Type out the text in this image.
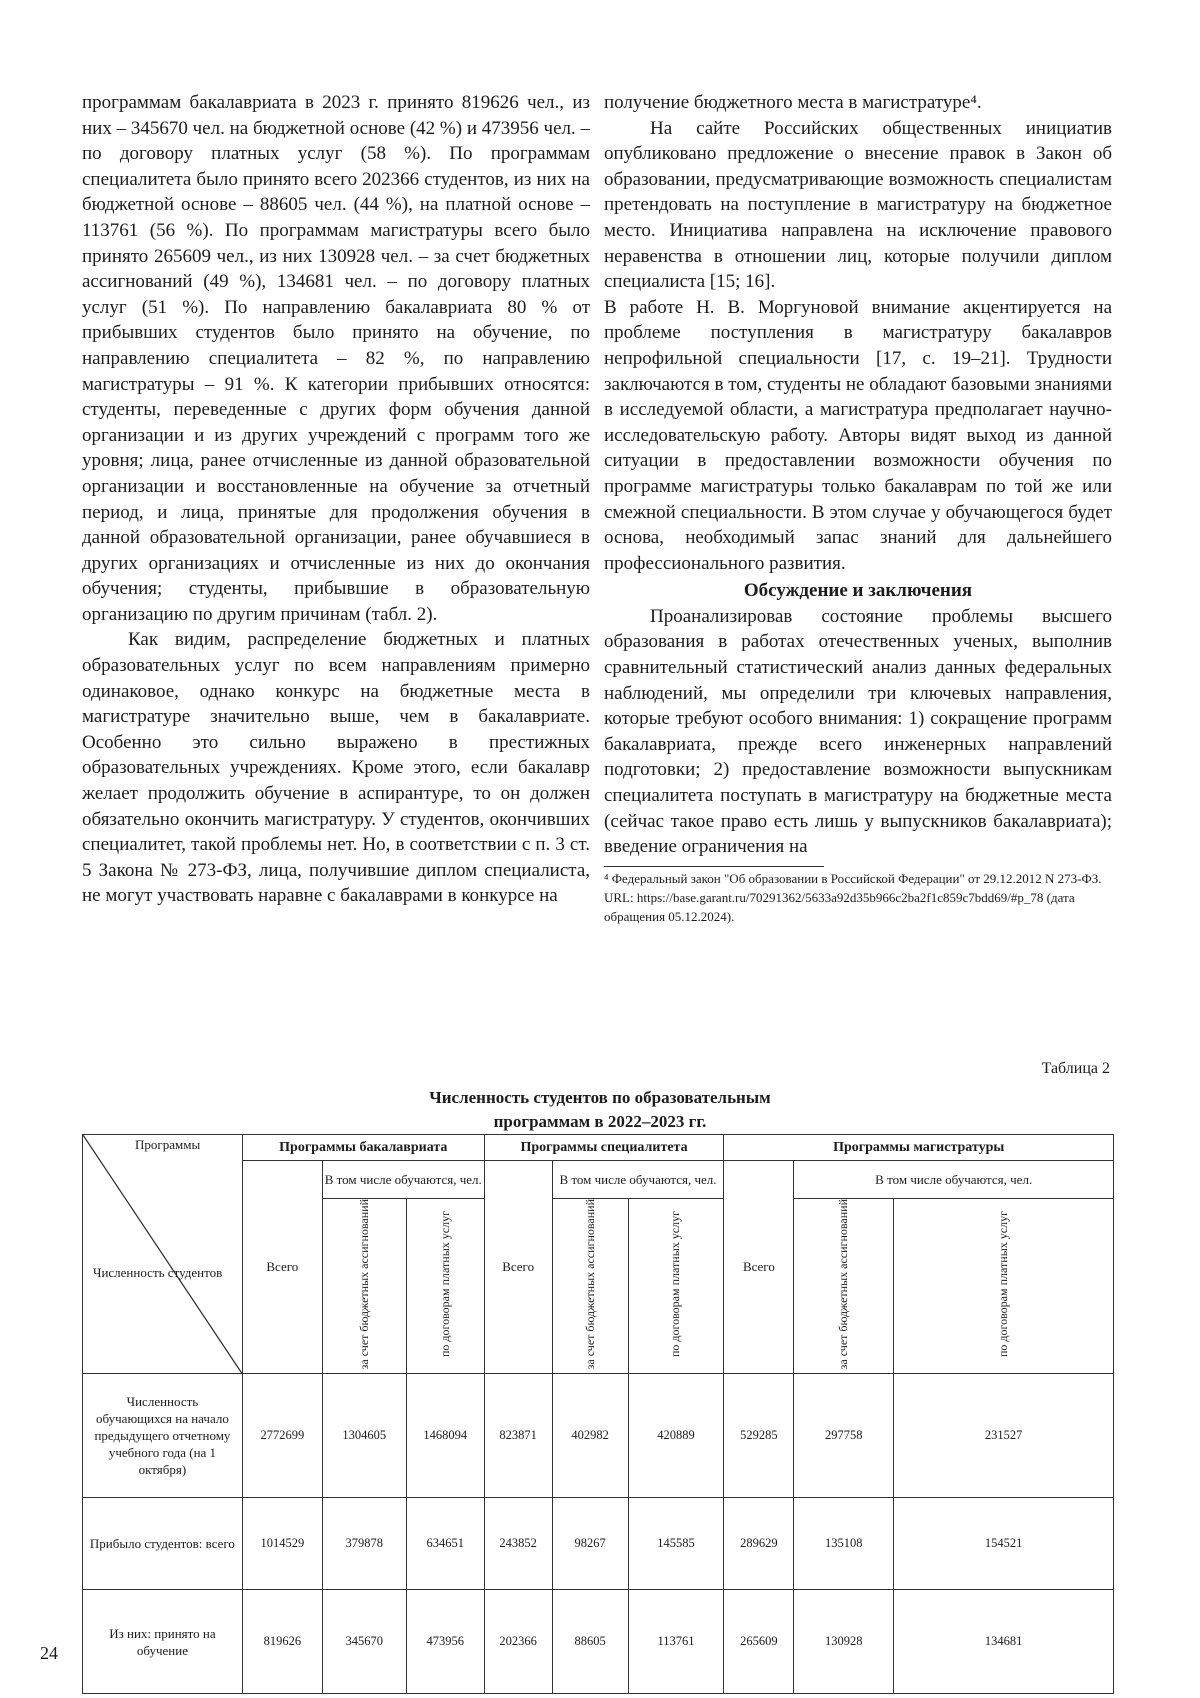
программам бакалавриата в 2023 г. принято 819626 чел., из них – 345670 чел. на бюджетной основе (42 %) и 473956 чел. – по договору платных услуг (58 %). По программам специалитета было принято всего 202366 студентов, из них на бюджетной основе – 88605 чел. (44 %), на платной основе – 113761 (56 %). По программам магистратуры всего было принято 265609 чел., из них 130928 чел. – за счет бюджетных ассигнований (49 %), 134681 чел. – по договору платных услуг (51 %). По направлению бакалавриата 80 % от прибывших студентов было принято на обучение, по направлению специалитета – 82 %, по направлению магистратуры – 91 %. К категории прибывших относятся: студенты, переведенные с других форм обучения данной организации и из других учреждений с программ того же уровня; лица, ранее отчисленные из данной образовательной организации и восстановленные на обучение за отчетный период, и лица, принятые для продолжения обучения в данной образовательной организации, ранее обучавшиеся в других организациях и отчисленные из них до окончания обучения; студенты, прибывшие в образовательную организацию по другим причинам (табл. 2).

Как видим, распределение бюджетных и платных образовательных услуг по всем направлениям примерно одинаковое, однако конкурс на бюджетные места в магистратуре значительно выше, чем в бакалавриате. Особенно это сильно выражено в престижных образовательных учреждениях. Кроме этого, если бакалавр желает продолжить обучение в аспирантуре, то он должен обязательно окончить магистратуру. У студентов, окончивших специалитет, такой проблемы нет. Но, в соответствии с п. 3 ст. 5 Закона № 273-ФЗ, лица, получившие диплом специалиста, не могут участвовать наравне с бакалаврами в конкурсе на

получение бюджетного места в магистратуре⁴.

На сайте Российских общественных инициатив опубликовано предложение о внесение правок в Закон об образовании, предусматривающие возможность специалистам претендовать на поступление в магистратуру на бюджетное место. Инициатива направлена на исключение правового неравенства в отношении лиц, которые получили диплом специалиста [15; 16].

В работе Н. В. Моргуновой внимание акцентируется на проблеме поступления в магистратуру бакалавров непрофильной специальности [17, с. 19–21]. Трудности заключаются в том, студенты не обладают базовыми знаниями в исследуемой области, а магистратура предполагает научно-исследовательскую работу. Авторы видят выход из данной ситуации в предоставлении возможности обучения по программе магистратуры только бакалаврам по той же или смежной специальности. В этом случае у обучающегося будет основа, необходимый запас знаний для дальнейшего профессионального развития.

Обсуждение и заключения

Проанализировав состояние проблемы высшего образования в работах отечественных ученых, выполнив сравнительный статистический анализ данных федеральных наблюдений, мы определили три ключевых направления, которые требуют особого внимания: 1) сокращение программ бакалавриата, прежде всего инженерных направлений подготовки; 2) предоставление возможности выпускникам специалитета поступать в магистратуру на бюджетные места (сейчас такое право есть лишь у выпускников бакалавриата); введение ограничения на

⁴ Федеральный закон "Об образовании в Российской Федерации" от 29.12.2012 N 273-ФЗ. URL: https://base.garant.ru/70291362/5633a92d35b966c2ba2f1c859c7bdd69/#p_78 (дата обращения 05.12.2024).

Таблица 2
Численность студентов по образовательным
программам в 2022–2023 гг.
Программы
Численность студентов	Программы бакалавриата			Программы специалитета			Программы магистратуры		
	Всего	В том числе обучаются, чел.		Всего	В том числе обучаются, чел.		Всего	В том числе обучаются, чел.	
		за счет бюджетных ассигнований	по договорам платных услуг		за счет бюджетных ассигнований	по договорам платных услуг		за счет бюджетных ассигнований	по договорам платных услуг
Численность обучающихся на начало предыдущего отчетному учебного года (на 1 октября)	2772699	1304605	1468094	823871	402982	420889	529285	297758	231527
Прибыло студентов: всего	1014529	379878	634651	243852	98267	145585	289629	135108	154521
Из них: принято на обучение	819626	345670	473956	202366	88605	113761	265609	130928	134681
24
